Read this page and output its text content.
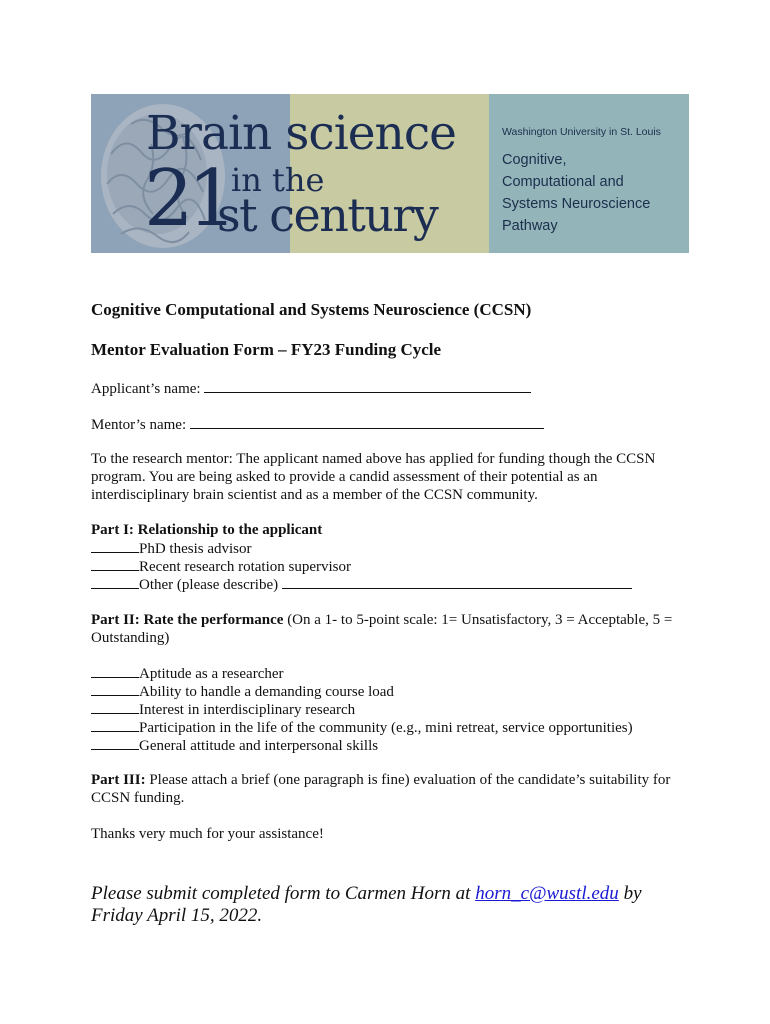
Washington University in St. Louis
Cognitive,
Computational and
Systems Neuroscience
Pathway
Brain science
21 in the
st century
Cognitive Computational and Systems Neuroscience (CCSN)
Mentor Evaluation Form – FY23 Funding Cycle
Applicant’s name:
Mentor’s name:
To the research mentor: The applicant named above has applied for funding though the CCSN program. You are being asked to provide a candid assessment of their potential as an interdisciplinary brain scientist and as a member of the CCSN community.
Part I: Relationship to the applicant
PhD thesis advisor
Recent research rotation supervisor
Other (please describe)
Part II: Rate the performance (On a 1- to 5-point scale: 1= Unsatisfactory, 3 = Acceptable, 5 = Outstanding)
Aptitude as a researcher
Ability to handle a demanding course load
Interest in interdisciplinary research
Participation in the life of the community (e.g., mini retreat, service opportunities)
General attitude and interpersonal skills
Part III: Please attach a brief (one paragraph is fine) evaluation of the candidate’s suitability for CCSN funding.
Thanks very much for your assistance!
Please submit completed form to Carmen Horn at horn_c@wustl.edu by Friday April 15, 2022.
